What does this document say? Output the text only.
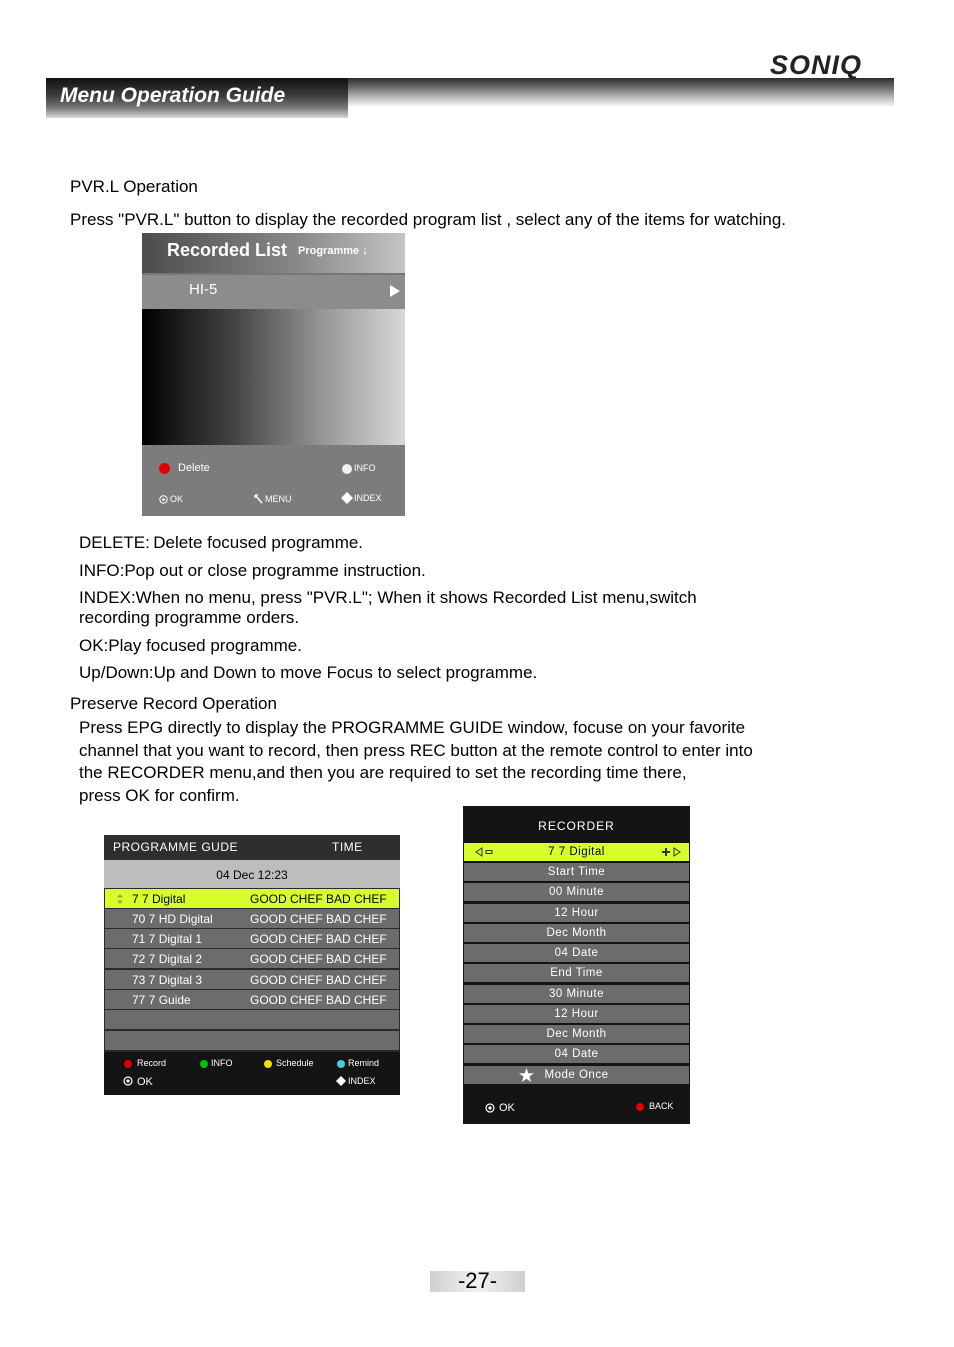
Menu Operation Guide
SONIQ
PVR.L Operation
Press "PVR.L" button to display the recorded program list , select any of the items for watching.
Recorded List Programme ↓
HI-5
Delete	INFO
OK	MENU	INDEX
DELETE: Delete focused programme.
INFO:Pop out or close programme instruction.
INDEX:When no menu, press "PVR.L"; When it shows Recorded List menu,switch
recording programme orders.
OK:Play focused programme.
Up/Down:Up and Down to move Focus to select programme.
Preserve Record Operation
Press EPG directly to display the PROGRAMME GUIDE window, focuse on your favorite
channel that you want to record, then press REC button at the remote control to enter into
the RECORDER menu,and then you are required to set the recording time there,
press OK for confirm.
PROGRAMME GUDE	TIME
04 Dec 12:23
7 7 Digital	GOOD CHEF BAD CHEF
70 7 HD Digital	GOOD CHEF BAD CHEF
71 7 Digital 1	GOOD CHEF BAD CHEF
72 7 Digital 2	GOOD CHEF BAD CHEF
73 7 Digital 3	GOOD CHEF BAD CHEF
77 7 Guide	GOOD CHEF BAD CHEF
Record	INFO	Schedule	Remind
OK	INDEX
RECORDER
7 7 Digital
Start Time
00 Minute
12 Hour
Dec Month
04 Date
End Time
30 Minute
12 Hour
Dec Month
04 Date
Mode Once
OK	BACK
-27-
